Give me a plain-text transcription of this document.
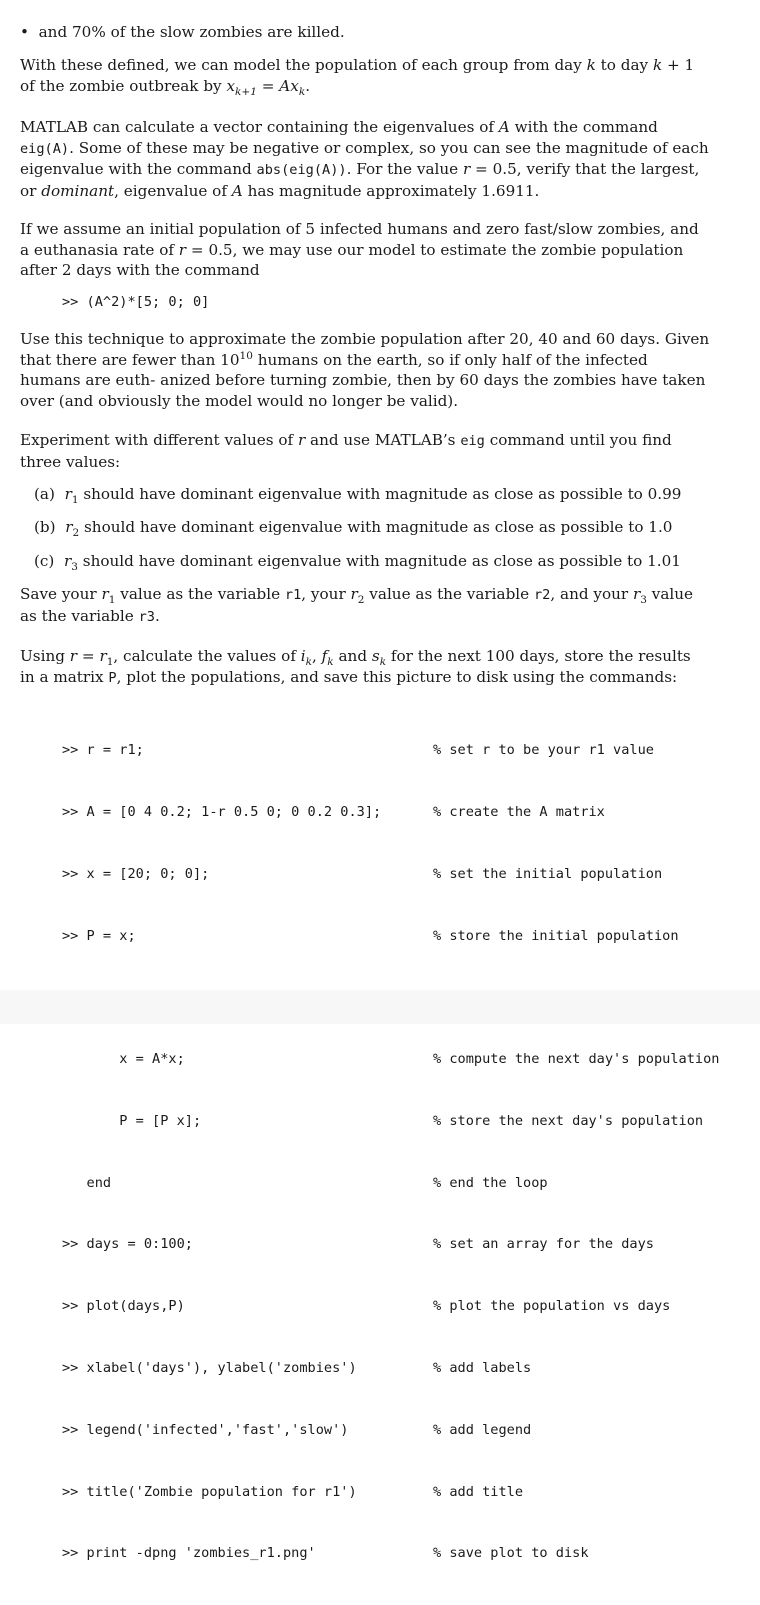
• and 70% of the slow zombies are killed.

With these defined, we can model the population of each group from day k to day k + 1 of the zombie outbreak by $x_{k+1} = Ax_k$.

MATLAB can calculate a vector containing the eigenvalues of A with the command eig(A). Some of these may be negative or complex, so you can see the magnitude of each eigenvalue with the command abs(eig(A)). For the value r = 0.5, verify that the largest, or dominant, eigenvalue of A has magnitude approximately 1.6911.

If we assume an initial population of 5 infected humans and zero fast/slow zombies, and a euthanasia rate of r = 0.5, we may use our model to estimate the zombie population after 2 days with the command

>> (A^2)*[5; 0; 0]

Use this technique to approximate the zombie population after 20, 40 and 60 days. Given that there are fewer than $10^{10}$ humans on the earth, so if only half of the infected humans are euth- anized before turning zombie, then by 60 days the zombies have taken over (and obviously the model would no longer be valid).

Experiment with different values of r and use MATLAB’s eig command until you find three values:

(a) $r_1$ should have dominant eigenvalue with magnitude as close as possible to 0.99

(b) $r_2$ should have dominant eigenvalue with magnitude as close as possible to 1.0

(c) $r_3$ should have dominant eigenvalue with magnitude as close as possible to 1.01

Save your $r_1$ value as the variable r1, your $r_2$ value as the variable r2, and your $r_3$ value as the variable r3.

Using $r = r_1$, calculate the values of $i_k$, $f_k$ and $s_k$ for the next 100 days, store the results in a matrix P, plot the populations, and save this picture to disk using the commands:

>> r = r1;

>> A = [0 4 0.2; 1-r 0.5 0; 0 0.2 0.3];

>> x = [20; 0; 0];

>> P = x;

x = A*x;

P = [P x];

end

>> days = 0:100;

>> plot(days,P)

>> xlabel('days'), ylabel('zombies')

>> legend('infected','fast','slow')

>> title('Zombie population for r1')

>> print -dpng 'zombies_r1.png'

% set r to be your r1 value

% create the A matrix

% set the initial population

% store the initial population

% compute the next day's population

% store the next day's population

% end the loop

% set an array for the days

% plot the population vs days

% add labels

% add legend

% add title

% save plot to disk
